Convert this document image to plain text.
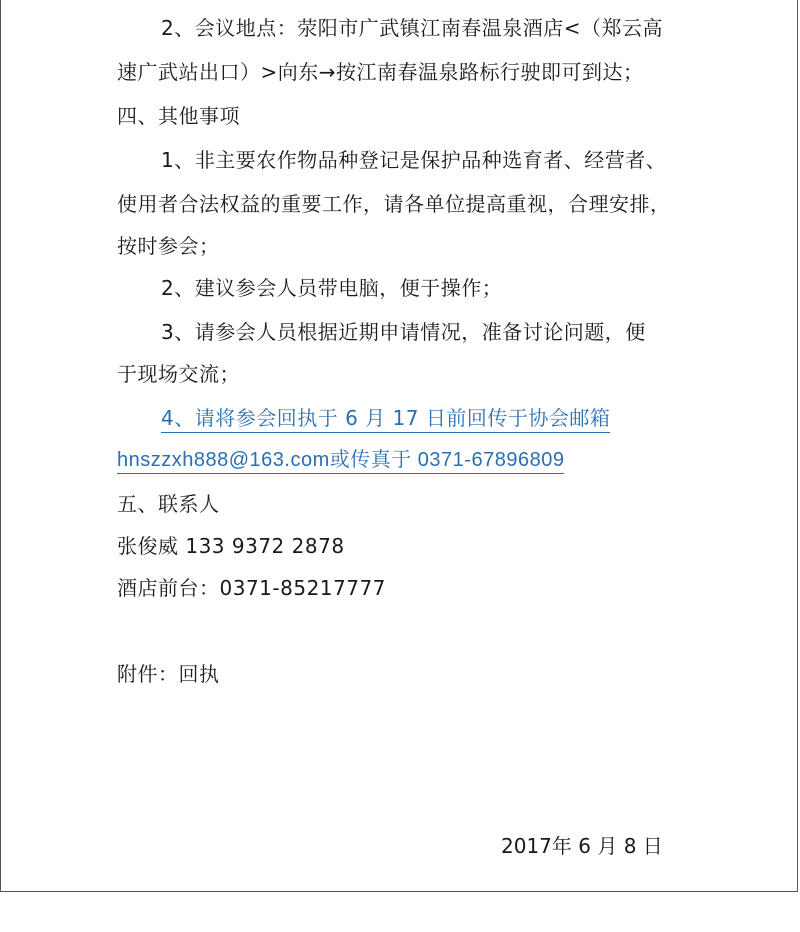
2、会议地点：荥阳市广武镇江南春温泉酒店<（郑云高
速广武站出口）>向东→按江南春温泉路标行驶即可到达；
四、其他事项
1、非主要农作物品种登记是保护品种选育者、经营者、
使用者合法权益的重要工作，请各单位提高重视，合理安排，
按时参会；
2、建议参会人员带电脑，便于操作；
3、请参会人员根据近期申请情况，准备讨论问题，便
于现场交流；
4、请将参会回执于 6 月 17 日前回传于协会邮箱
hnszzxh888@163.com或传真于 0371-67896809
五、联系人
张俊威 133 9372 2878
酒店前台：0371-85217777
附件：回执
2017年 6 月 8 日
